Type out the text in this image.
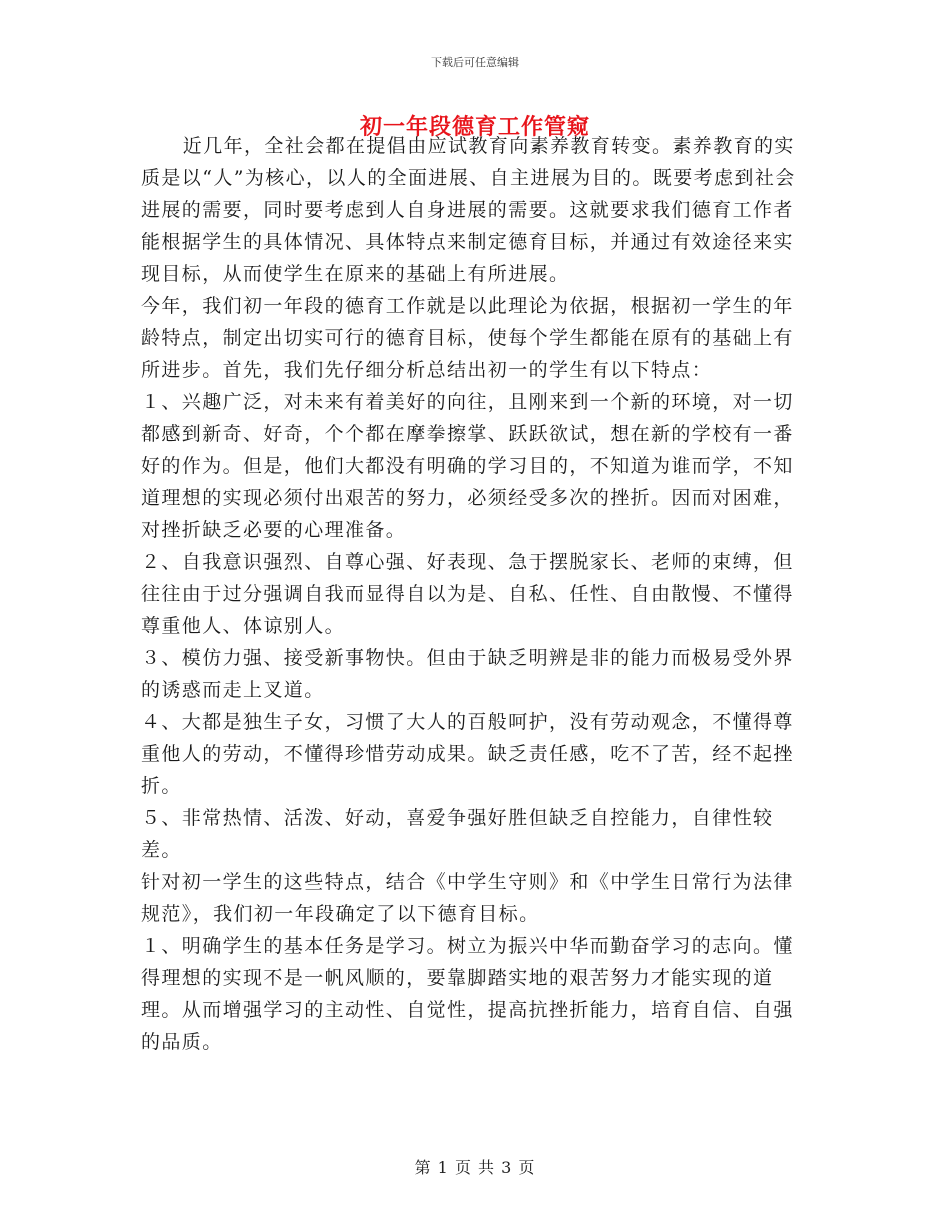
下载后可任意编辑
初一年段德育工作管窥

近几年，全社会都在提倡由应试教育向素养教育转变。素养教育的实质是以“人”为核心，以人的全面进展、自主进展为目的。既要考虑到社会进展的需要，同时要考虑到人自身进展的需要。这就要求我们德育工作者能根据学生的具体情况、具体特点来制定德育目标，并通过有效途径来实现目标，从而使学生在原来的基础上有所进展。

今年，我们初一年段的德育工作就是以此理论为依据，根据初一学生的年龄特点，制定出切实可行的德育目标，使每个学生都能在原有的基础上有所进步。首先，我们先仔细分析总结出初一的学生有以下特点：

１、兴趣广泛，对未来有着美好的向往，且刚来到一个新的环境，对一切都感到新奇、好奇，个个都在摩拳擦掌、跃跃欲试，想在新的学校有一番好的作为。但是，他们大都没有明确的学习目的，不知道为谁而学，不知道理想的实现必须付出艰苦的努力，必须经受多次的挫折。因而对困难，对挫折缺乏必要的心理准备。

２、自我意识强烈、自尊心强、好表现、急于摆脱家长、老师的束缚，但往往由于过分强调自我而显得自以为是、自私、任性、自由散慢、不懂得尊重他人、体谅别人。

３、模仿力强、接受新事物快。但由于缺乏明辨是非的能力而极易受外界的诱惑而走上叉道。

４、大都是独生子女，习惯了大人的百般呵护，没有劳动观念，不懂得尊重他人的劳动，不懂得珍惜劳动成果。缺乏责任感，吃不了苦，经不起挫折。

５、非常热情、活泼、好动，喜爱争强好胜但缺乏自控能力，自律性较差。

针对初一学生的这些特点，结合《中学生守则》和《中学生日常行为法律规范》，我们初一年段确定了以下德育目标。

１、明确学生的基本任务是学习。树立为振兴中华而勤奋学习的志向。懂得理想的实现不是一帆风顺的，要靠脚踏实地的艰苦努力才能实现的道理。从而增强学习的主动性、自觉性，提高抗挫折能力，培育自信、自强的品质。

第 1 页 共 3 页
